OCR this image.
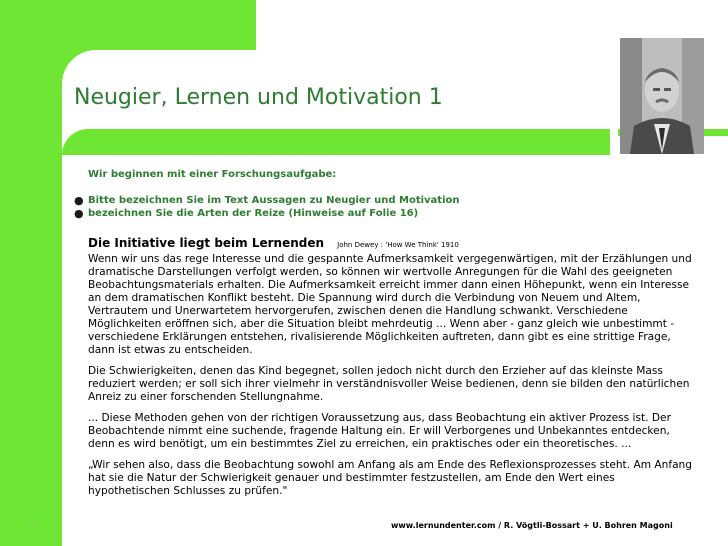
Neugier, Lernen und Motivation 1

Wir beginnen mit einer Forschungsaufgabe:

● Bitte bezeichnen Sie im Text Aussagen zu Neugier und Motivation
● bezeichnen Sie die Arten der Reize (Hinweise auf Folie 16)
Die Initiative liegt beim Lernenden John Dewey : 'How We Think' 1910

Wenn wir uns das rege Interesse und die gespannte Aufmerksamkeit vergegenwärtigen, mit der Erzählungen und dramatische Darstellungen verfolgt werden, so können wir wertvolle Anregungen für die Wahl des geeigneten Beobachtungsmaterials erhalten. Die Aufmerksamkeit erreicht immer dann einen Höhepunkt, wenn ein Interesse an dem dramatischen Konflikt besteht. Die Spannung wird durch die Verbindung von Neuem und Altem, Vertrautem und Unerwartetem hervorgerufen, zwischen denen die Handlung schwankt. Verschiedene Möglichkeiten eröffnen sich, aber die Situation bleibt mehrdeutig ... Wenn aber - ganz gleich wie unbestimmt - verschiedene Erklärungen entstehen, rivalisierende Möglichkeiten auftreten, dann gibt es eine strittige Frage, dann ist etwas zu entscheiden.

Die Schwierigkeiten, denen das Kind begegnet, sollen jedoch nicht durch den Erzieher auf das kleinste Mass reduziert werden; er soll sich ihrer vielmehr in verständnisvoller Weise bedienen, denn sie bilden den natürlichen Anreiz zu einer forschenden Stellungnahme.

... Diese Methoden gehen von der richtigen Voraussetzung aus, dass Beobachtung ein aktiver Prozess ist. Der Beobachtende nimmt eine suchende, fragende Haltung ein. Er will Verborgenes und Unbekanntes entdecken, denn es wird benötigt, um ein bestimmtes Ziel zu erreichen, ein praktisches oder ein theoretisches. ...

„Wir sehen also, dass die Beobachtung sowohl am Anfang als am Ende des Reflexionsprozesses steht. Am Anfang hat sie die Natur der Schwierigkeit genauer und bestimmter festzustellen, am Ende den Wert eines hypothetischen Schlusses zu prüfen."

17	www.lernundenter.com / R. Vögtli-Bossart + U. Bohren Magoni
